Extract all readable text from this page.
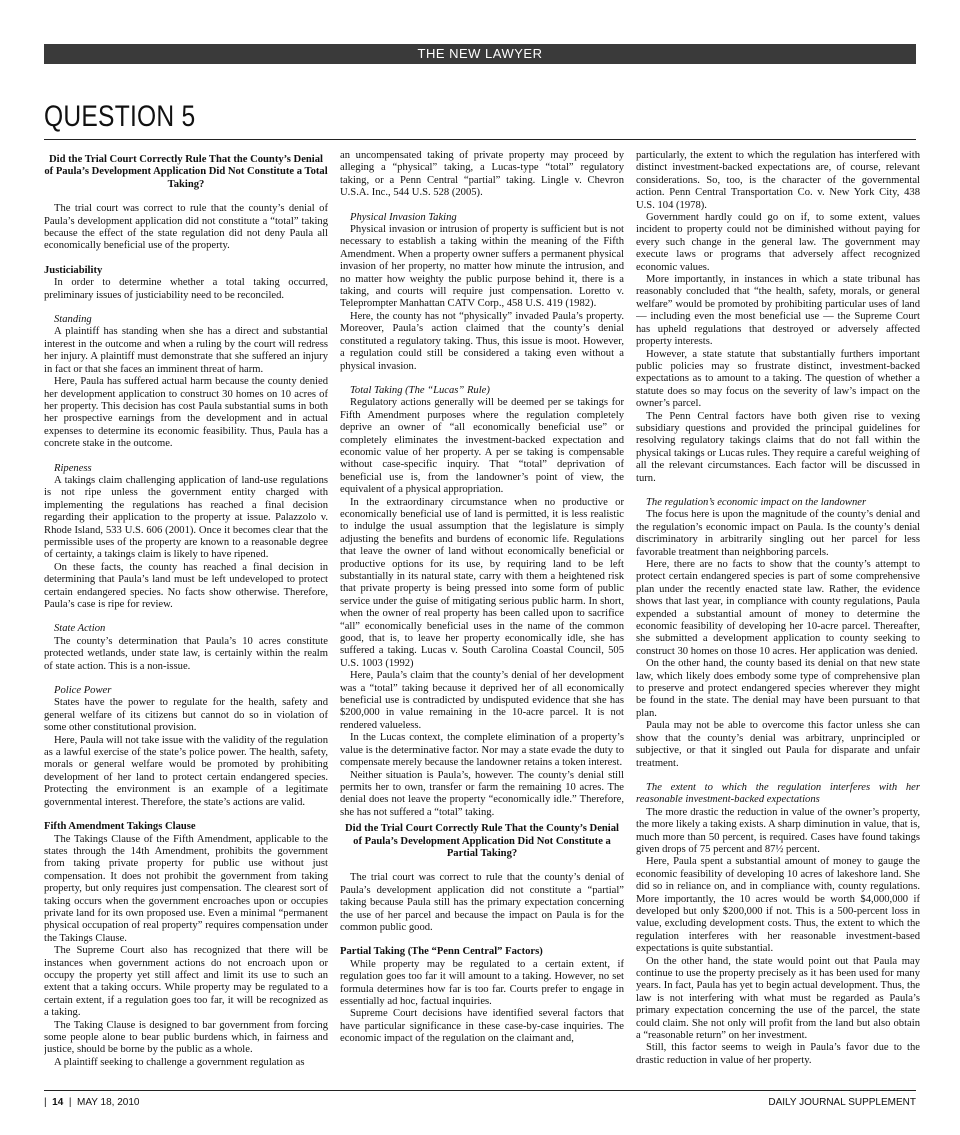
THE NEW LAWYER
QUESTION 5

Did the Trial Court Correctly Rule That the County’s Denial of Paula’s Development Application Did Not Constitute a Total Taking?

The trial court was correct to rule that the county’s denial of Paula’s development application did not constitute a “total” taking because the effect of the state regulation did not deny Paula all economically beneficial use of the property.

Justiciability

In order to determine whether a total taking occurred, preliminary issues of justiciability need to be reconciled.

Standing

A plaintiff has standing when she has a direct and substantial interest in the outcome and when a ruling by the court will redress her injury. A plaintiff must demonstrate that she suffered an injury in fact or that she faces an imminent threat of harm.

Here, Paula has suffered actual harm because the county denied her development application to construct 30 homes on 10 acres of her property. This decision has cost Paula substantial sums in both her prospective earnings from the development and in actual expenses to determine its economic feasibility. Thus, Paula has a concrete stake in the outcome.

Ripeness

A takings claim challenging application of land-use regulations is not ripe unless the government entity charged with implementing the regulations has reached a final decision regarding their application to the property at issue. Palazzolo v. Rhode Island, 533 U.S. 606 (2001). Once it becomes clear that the permissible uses of the property are known to a reasonable degree of certainty, a takings claim is likely to have ripened.

On these facts, the county has reached a final decision in determining that Paula’s land must be left undeveloped to protect certain endangered species. No facts show otherwise. Therefore, Paula’s case is ripe for review.

State Action

The county’s determination that Paula’s 10 acres constitute protected wetlands, under state law, is certainly within the realm of state action. This is a non-issue.

Police Power

States have the power to regulate for the health, safety and general welfare of its citizens but cannot do so in violation of some other constitutional provision.

Here, Paula will not take issue with the validity of the regulation as a lawful exercise of the state’s police power. The health, safety, morals or general welfare would be promoted by prohibiting development of her land to protect certain endangered species. Protecting the environment is an example of a legitimate governmental interest. Therefore, the state’s actions are valid.

Fifth Amendment Takings Clause

The Takings Clause of the Fifth Amendment, applicable to the states through the 14th Amendment, prohibits the government from taking private property for public use without just compensation. It does not prohibit the government from taking property, but only requires just compensation. The clearest sort of taking occurs when the government encroaches upon or occupies private land for its own proposed use. Even a minimal “permanent physical occupation of real property” requires compensation under the Takings Clause.

The Supreme Court also has recognized that there will be instances when government actions do not encroach upon or occupy the property yet still affect and limit its use to such an extent that a taking occurs. While property may be regulated to a certain extent, if a regulation goes too far, it will be recognized as a taking.

The Taking Clause is designed to bar government from forcing some people alone to bear public burdens which, in fairness and justice, should be borne by the public as a whole.

A plaintiff seeking to challenge a government regulation as

an uncompensated taking of private property may proceed by alleging a “physical” taking, a Lucas-type “total” regulatory taking, or a Penn Central “partial” taking. Lingle v. Chevron U.S.A. Inc., 544 U.S. 528 (2005).

Physical Invasion Taking

Physical invasion or intrusion of property is sufficient but is not necessary to establish a taking within the meaning of the Fifth Amendment. When a property owner suffers a permanent physical invasion of her property, no matter how minute the intrusion, and no matter how weighty the public purpose behind it, there is a taking, and courts will require just compensation. Loretto v. Teleprompter Manhattan CATV Corp., 458 U.S. 419 (1982).

Here, the county has not “physically” invaded Paula’s property. Moreover, Paula’s action claimed that the county’s denial constituted a regulatory taking. Thus, this issue is moot. However, a regulation could still be considered a taking even without a physical invasion.

Total Taking (The “Lucas” Rule)

Regulatory actions generally will be deemed per se takings for Fifth Amendment purposes where the regulation completely deprive an owner of “all economically beneficial use” or completely eliminates the investment-backed expectation and economic value of her property. A per se taking is compensable without case-specific inquiry. That “total” deprivation of beneficial use is, from the landowner’s point of view, the equivalent of a physical appropriation.

In the extraordinary circumstance when no productive or economically beneficial use of land is permitted, it is less realistic to indulge the usual assumption that the legislature is simply adjusting the benefits and burdens of economic life. Regulations that leave the owner of land without economically beneficial or productive options for its use, by requiring land to be left substantially in its natural state, carry with them a heightened risk that private property is being pressed into some form of public service under the guise of mitigating serious public harm. In short, when the owner of real property has been called upon to sacrifice “all” economically beneficial uses in the name of the common good, that is, to leave her property economically idle, she has suffered a taking. Lucas v. South Carolina Coastal Council, 505 U.S. 1003 (1992)

Here, Paula’s claim that the county’s denial of her development was a “total” taking because it deprived her of all economically beneficial use is contradicted by undisputed evidence that she has $200,000 in value remaining in the 10-acre parcel. It is not rendered valueless.

In the Lucas context, the complete elimination of a property’s value is the determinative factor. Nor may a state evade the duty to compensate merely because the landowner retains a token interest.

Neither situation is Paula’s, however. The county’s denial still permits her to own, transfer or farm the remaining 10 acres. The denial does not leave the property “economically idle.” Therefore, she has not suffered a “total” taking.

Did the Trial Court Correctly Rule That the County’s Denial of Paula’s Development Application Did Not Constitute a Partial Taking?

The trial court was correct to rule that the county’s denial of Paula’s development application did not constitute a “partial” taking because Paula still has the primary expectation concerning the use of her parcel and because the impact on Paula is for the common public good.

Partial Taking (The “Penn Central” Factors)

While property may be regulated to a certain extent, if regulation goes too far it will amount to a taking. However, no set formula determines how far is too far. Courts prefer to engage in essentially ad hoc, factual inquiries.

Supreme Court decisions have identified several factors that have particular significance in these case-by-case inquiries. The economic impact of the regulation on the claimant and,

particularly, the extent to which the regulation has interfered with distinct investment-backed expectations are, of course, relevant considerations. So, too, is the character of the governmental action. Penn Central Transportation Co. v. New York City, 438 U.S. 104 (1978).

Government hardly could go on if, to some extent, values incident to property could not be diminished without paying for every such change in the general law. The government may execute laws or programs that adversely affect recognized economic values.

More importantly, in instances in which a state tribunal has reasonably concluded that “the health, safety, morals, or general welfare” would be promoted by prohibiting particular uses of land — including even the most beneficial use — the Supreme Court has upheld regulations that destroyed or adversely affected property interests.

However, a state statute that substantially furthers important public policies may so frustrate distinct, investment-backed expectations as to amount to a taking. The question of whether a statute does so may focus on the severity of law’s impact on the owner’s parcel.

The Penn Central factors have both given rise to vexing subsidiary questions and provided the principal guidelines for resolving regulatory takings claims that do not fall within the physical takings or Lucas rules. They require a careful weighing of all the relevant circumstances. Each factor will be discussed in turn.

The regulation’s economic impact on the landowner

The focus here is upon the magnitude of the county’s denial and the regulation’s economic impact on Paula. Is the county’s denial discriminatory in arbitrarily singling out her parcel for less favorable treatment than neighboring parcels.

Here, there are no facts to show that the county’s attempt to protect certain endangered species is part of some comprehensive plan under the recently enacted state law. Rather, the evidence shows that last year, in compliance with county regulations, Paula expended a substantial amount of money to determine the economic feasibility of developing her 10-acre parcel. Thereafter, she submitted a development application to county seeking to construct 30 homes on those 10 acres. Her application was denied.

On the other hand, the county based its denial on that new state law, which likely does embody some type of comprehensive plan to preserve and protect endangered species wherever they might be found in the state. The denial may have been pursuant to that plan.

Paula may not be able to overcome this factor unless she can show that the county’s denial was arbitrary, unprincipled or subjective, or that it singled out Paula for disparate and unfair treatment.

The extent to which the regulation interferes with her reasonable investment-backed expectations

The more drastic the reduction in value of the owner’s property, the more likely a taking exists. A sharp diminution in value, that is, much more than 50 percent, is required. Cases have found takings given drops of 75 percent and 87½ percent.

Here, Paula spent a substantial amount of money to gauge the economic feasibility of developing 10 acres of lakeshore land. She did so in reliance on, and in compliance with, county regulations. More importantly, the 10 acres would be worth $4,000,000 if developed but only $200,000 if not. This is a 500-percent loss in value, excluding development costs. Thus, the extent to which the regulation interferes with her reasonable investment-based expectations is quite substantial.

On the other hand, the state would point out that Paula may continue to use the property precisely as it has been used for many years. In fact, Paula has yet to begin actual development. Thus, the law is not interfering with what must be regarded as Paula’s primary expectation concerning the use of the parcel, the state could claim. She not only will profit from the land but also obtain a “reasonable return” on her investment.

Still, this factor seems to weigh in Paula’s favor due to the drastic reduction in value of her property.

| 14 | MAY 18, 2010	DAILY JOURNAL SUPPLEMENT
